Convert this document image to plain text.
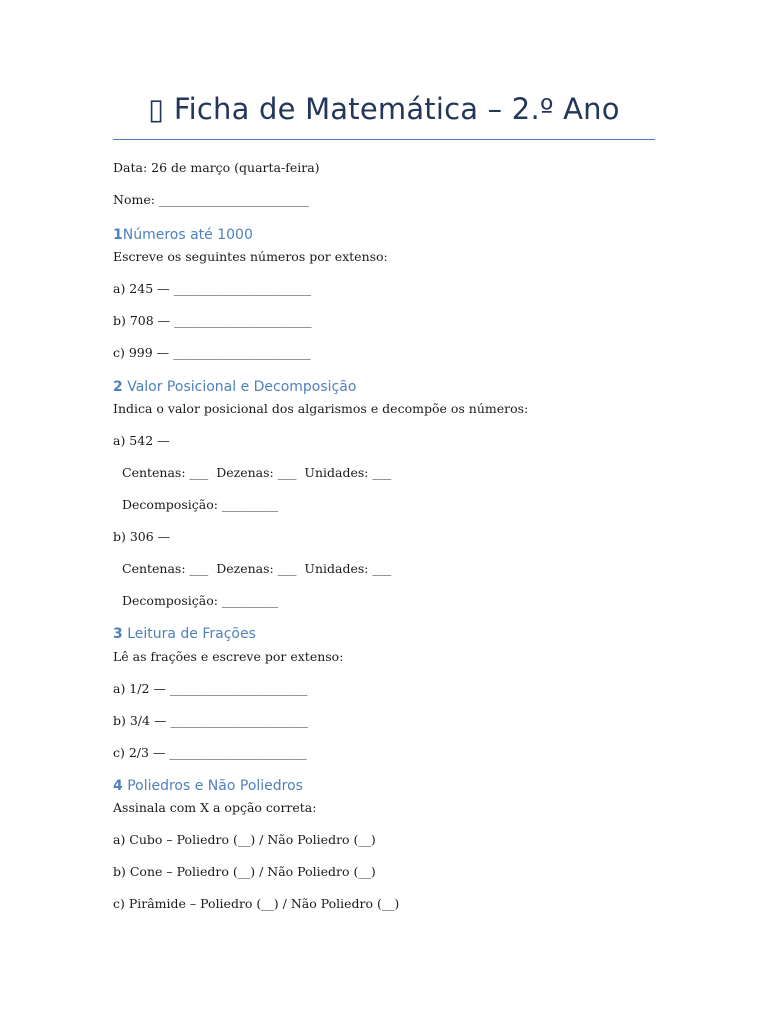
▯ Ficha de Matemática – 2.º Ano
Data: 26 de março (quarta-feira)
Nome: ________________________
1Números até 1000
Escreve os seguintes números por extenso:
a) 245 — ______________________
b) 708 — ______________________
c) 999 — ______________________
2 Valor Posicional e Decomposição
Indica o valor posicional dos algarismos e decompõe os números:
a) 542 —
Centenas: ___  Dezenas: ___  Unidades: ___
Decomposição: _________
b) 306 —
Centenas: ___  Dezenas: ___  Unidades: ___
Decomposição: _________
3 Leitura de Frações
Lê as frações e escreve por extenso:
a) 1/2 — ______________________
b) 3/4 — ______________________
c) 2/3 — ______________________
4 Poliedros e Não Poliedros
Assinala com X a opção correta:
a) Cubo – Poliedro (__) / Não Poliedro (__)
b) Cone – Poliedro (__) / Não Poliedro (__)
c) Pirâmide – Poliedro (__) / Não Poliedro (__)
